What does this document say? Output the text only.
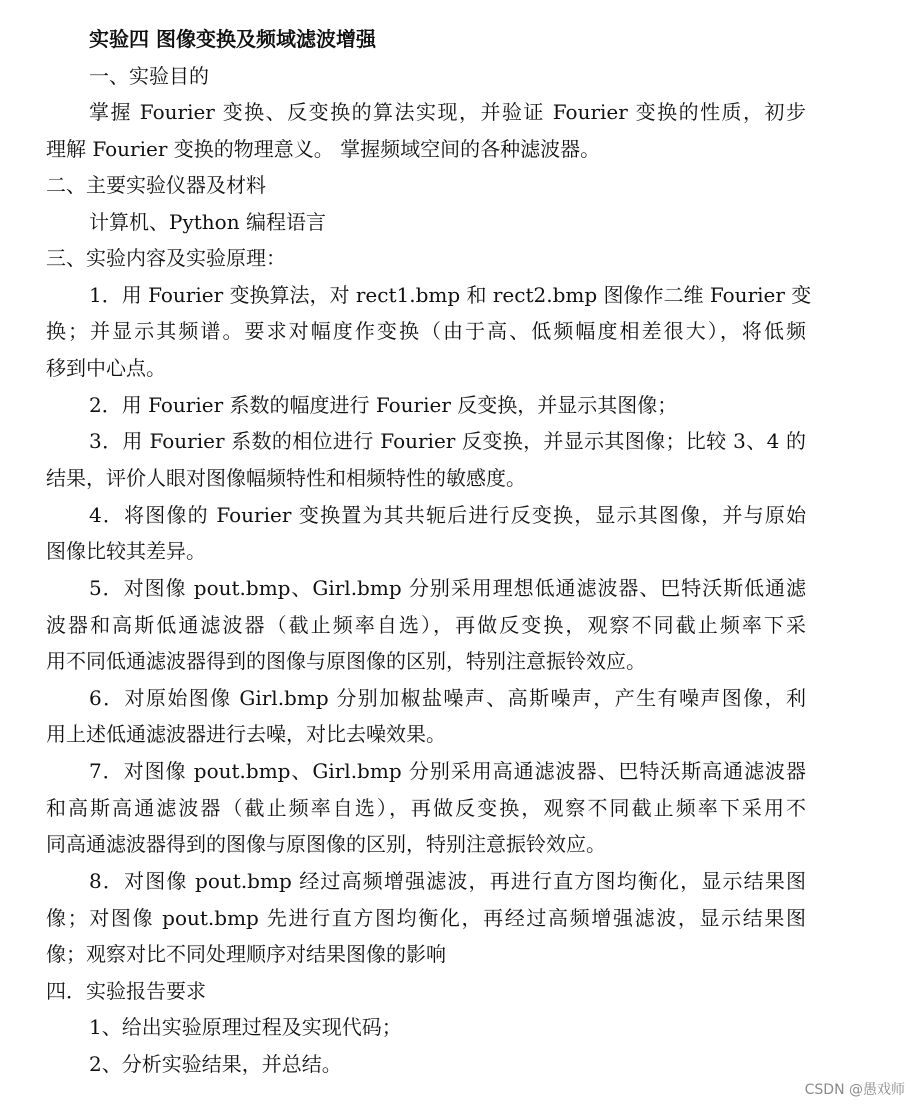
实验四 图像变换及频域滤波增强
一、实验目的
掌握 Fourier 变换、反变换的算法实现，并验证 Fourier 变换的性质，初步
理解 Fourier 变换的物理意义。 掌握频域空间的各种滤波器。
二、主要实验仪器及材料
计算机、Python 编程语言
三、实验内容及实验原理：
1．用 Fourier 变换算法，对 rect1.bmp 和 rect2.bmp 图像作二维 Fourier 变
换；并显示其频谱。要求对幅度作变换（由于高、低频幅度相差很大），将低频
移到中心点。
2．用 Fourier 系数的幅度进行 Fourier 反变换，并显示其图像；
3．用 Fourier 系数的相位进行 Fourier 反变换，并显示其图像；比较 3、4 的
结果，评价人眼对图像幅频特性和相频特性的敏感度。
4．将图像的 Fourier 变换置为其共轭后进行反变换，显示其图像，并与原始
图像比较其差异。
5．对图像 pout.bmp、Girl.bmp 分别采用理想低通滤波器、巴特沃斯低通滤
波器和高斯低通滤波器（截止频率自选），再做反变换，观察不同截止频率下采
用不同低通滤波器得到的图像与原图像的区别，特别注意振铃效应。
6．对原始图像 Girl.bmp 分别加椒盐噪声、高斯噪声，产生有噪声图像，利
用上述低通滤波器进行去噪，对比去噪效果。
7．对图像 pout.bmp、Girl.bmp 分别采用高通滤波器、巴特沃斯高通滤波器
和高斯高通滤波器（截止频率自选），再做反变换，观察不同截止频率下采用不
同高通滤波器得到的图像与原图像的区别，特别注意振铃效应。
8．对图像 pout.bmp 经过高频增强滤波，再进行直方图均衡化，显示结果图
像；对图像 pout.bmp 先进行直方图均衡化，再经过高频增强滤波，显示结果图
像；观察对比不同处理顺序对结果图像的影响
四．实验报告要求
1、给出实验原理过程及实现代码；
2、分析实验结果，并总结。
CSDN @愚戏师
